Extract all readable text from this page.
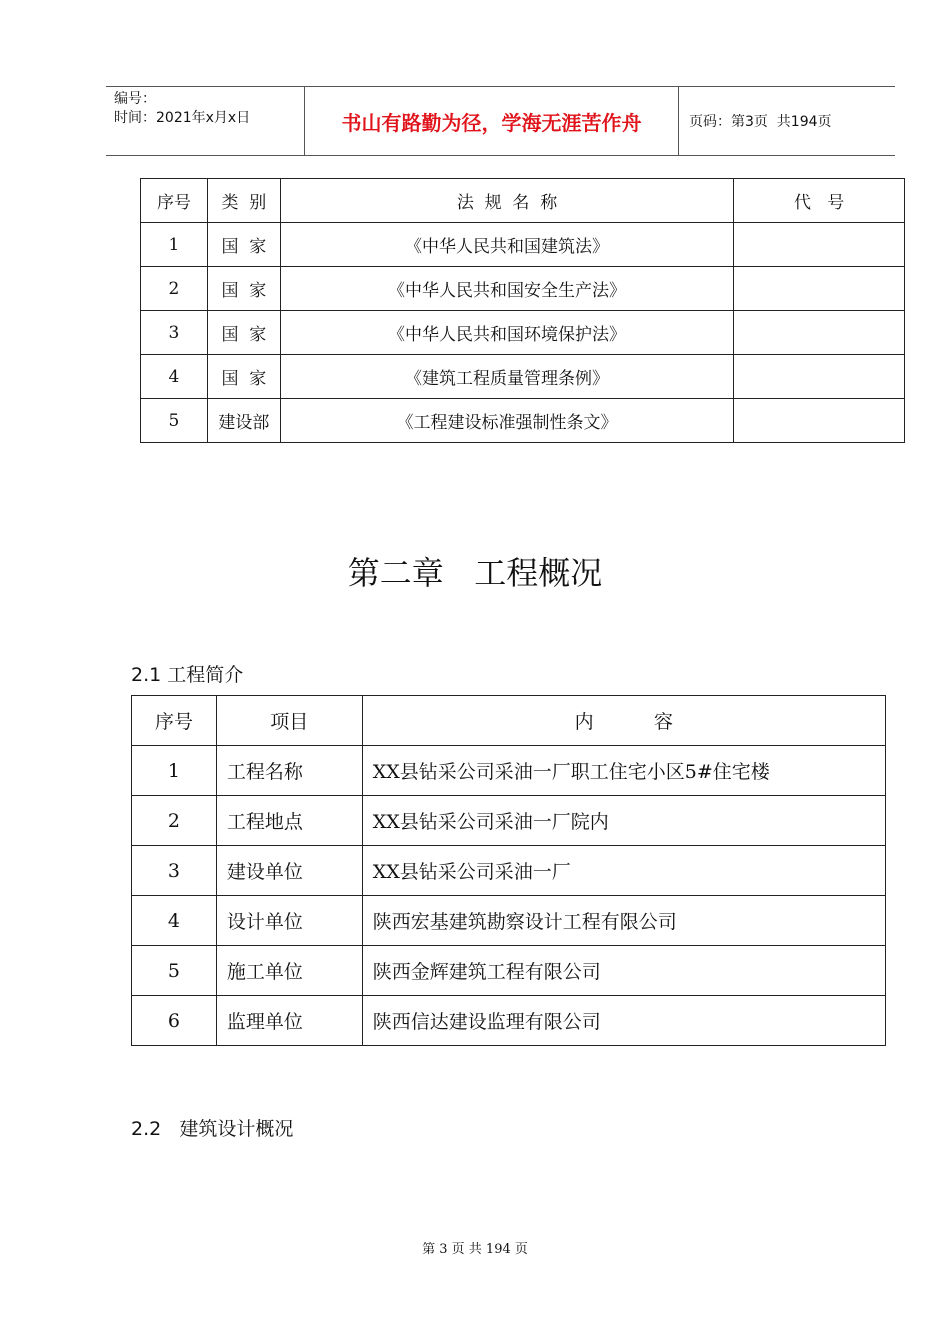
编号：
时间：2021年x月x日	书山有路勤为径，学海无涯苦作舟	页码：第3页  共194页
序号	类  别	法  规  名  称	代   号
1	国  家	《中华人民共和国建筑法》	
2	国  家	《中华人民共和国安全生产法》	
3	国  家	《中华人民共和国环境保护法》	
4	国  家	《建筑工程质量管理条例》	
5	建设部	《工程建设标准强制性条文》	
第二章   工程概况
2.1 工程简介
序号	项目	内          容
1	工程名称	XX县钻采公司采油一厂职工住宅小区5#住宅楼
2	工程地点	XX县钻采公司采油一厂院内
3	建设单位	XX县钻采公司采油一厂
4	设计单位	陕西宏基建筑勘察设计工程有限公司
5	施工单位	陕西金辉建筑工程有限公司
6	监理单位	陕西信达建设监理有限公司
2.2   建筑设计概况
第 3 页 共 194 页
